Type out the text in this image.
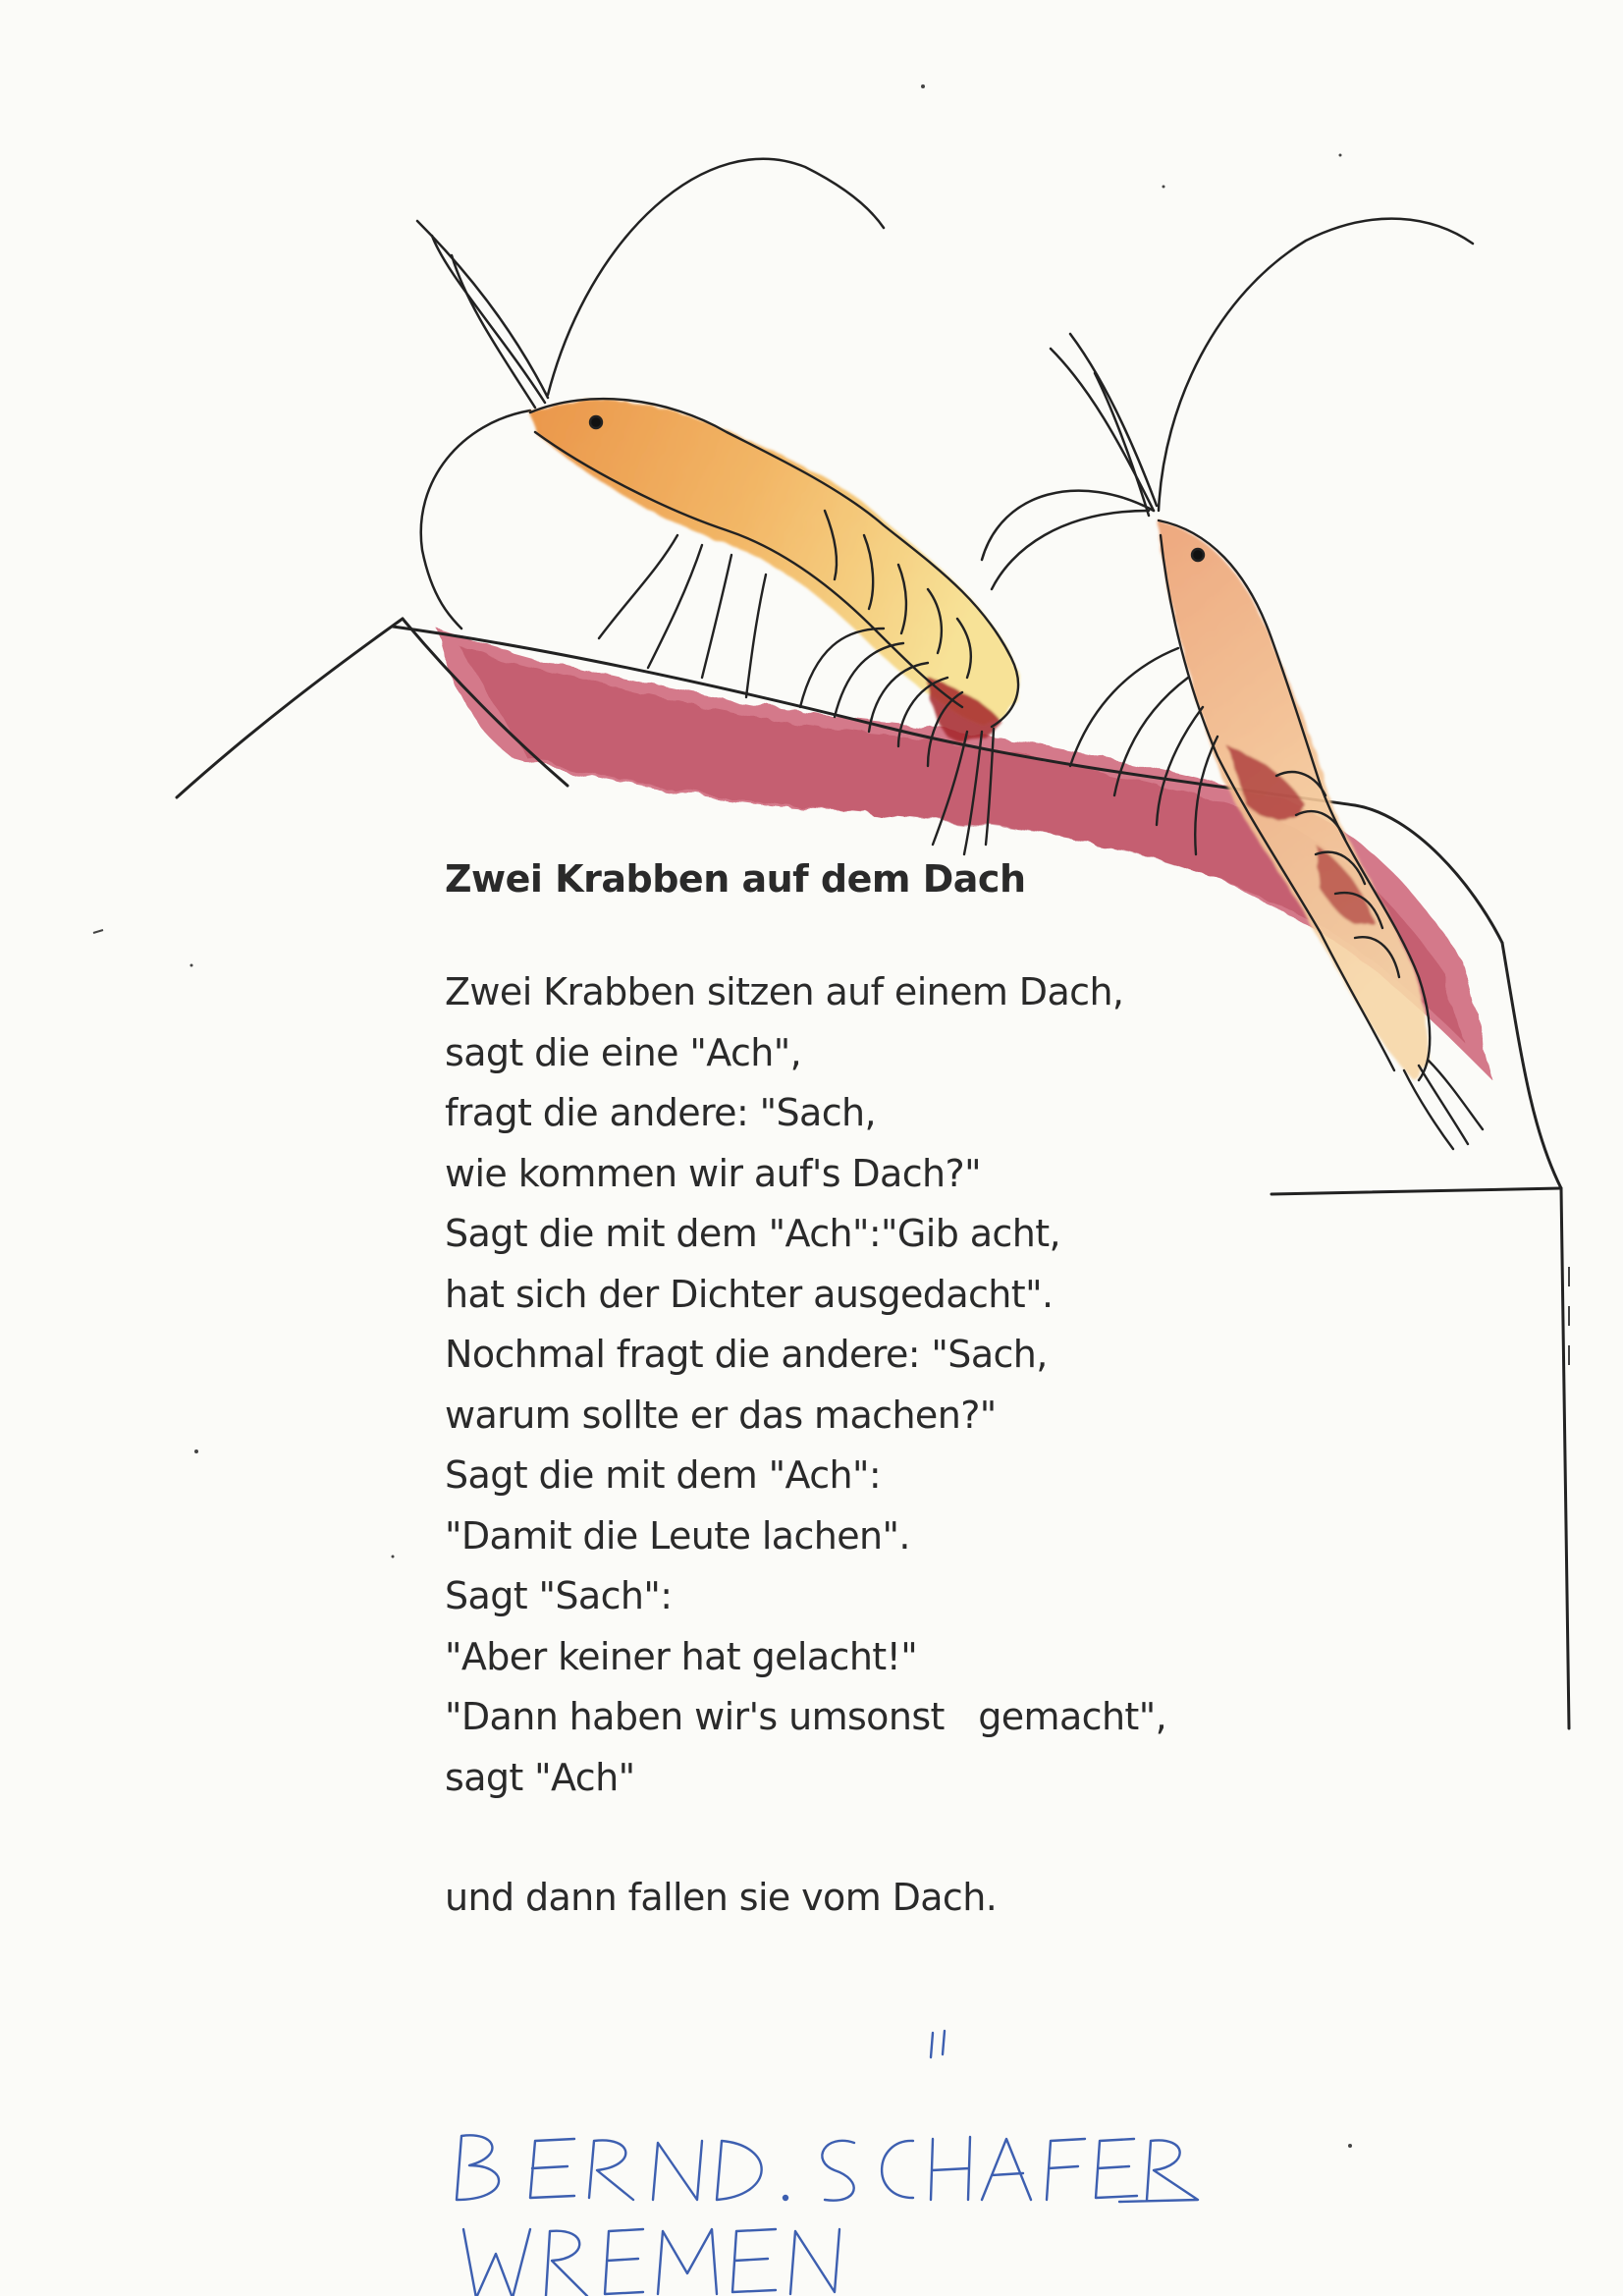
Zwei Krabben auf dem Dach
Zwei Krabben sitzen auf einem Dach,
sagt die eine "Ach",
fragt die andere: "Sach,
wie kommen wir auf's Dach?"
Sagt die mit dem "Ach":"Gib acht,
hat sich der Dichter ausgedacht".
Nochmal fragt die andere: "Sach,
warum sollte er das machen?"
Sagt die mit dem "Ach":
"Damit die Leute lachen".
Sagt "Sach":
"Aber keiner hat gelacht!"
"Dann haben wir's umsonst   gemacht",
sagt "Ach"
und dann fallen sie vom Dach.
